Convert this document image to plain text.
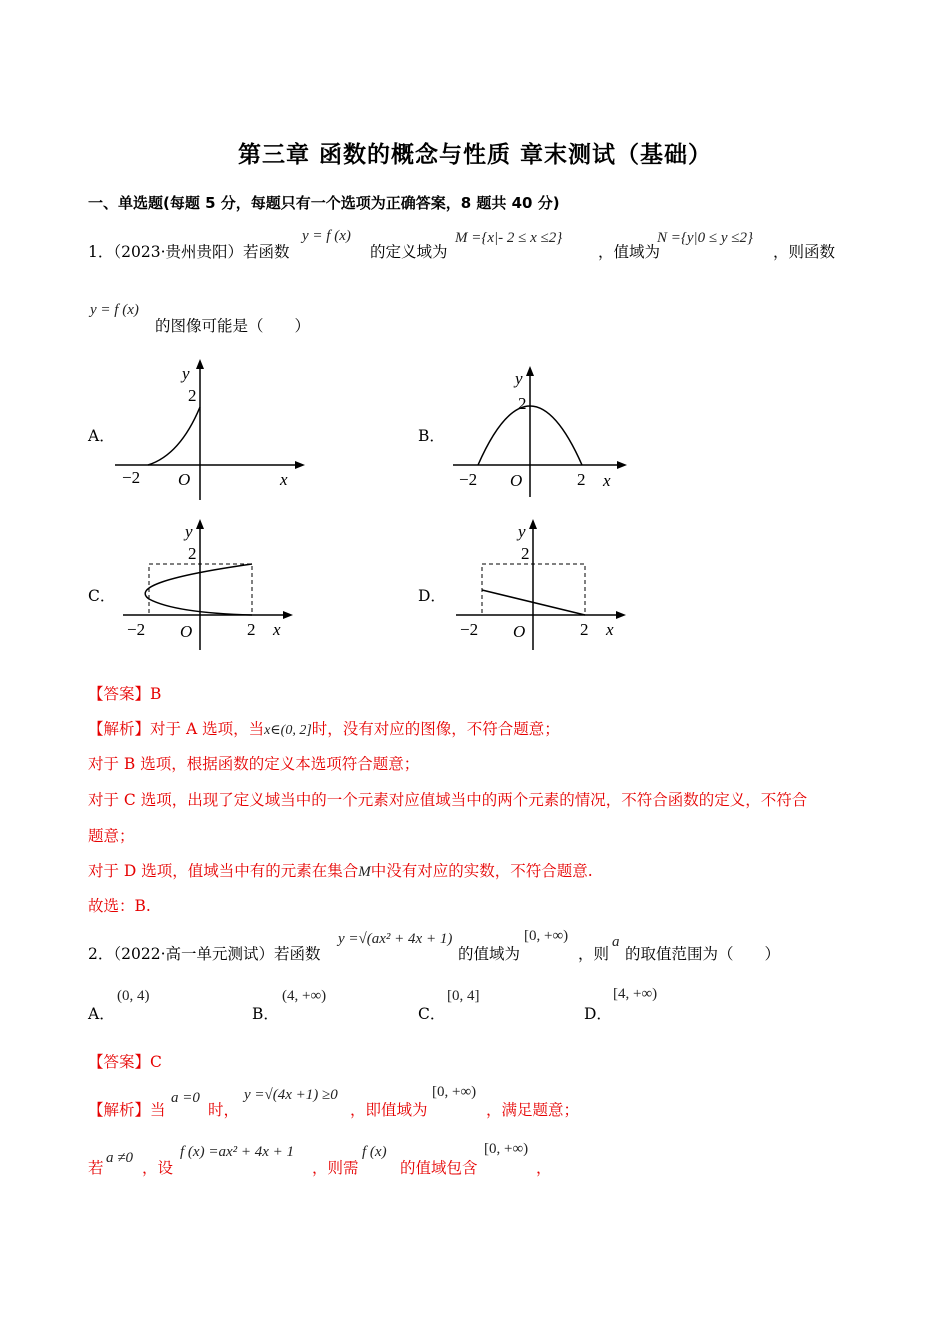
第三章 函数的概念与性质 章末测试（基础）
一、单选题(每题 5 分，每题只有一个选项为正确答案，8 题共 40 分)
1．（2023·贵州贵阳）若函数
y = f (x)
的定义域为
M ={x|- 2 ≤ x ≤2}
，值域为
N ={y|0 ≤ y ≤2}
，则函数
y = f (x)
的图像可能是（　　）
A．	B．
C．	D．
y
2
−2 O	x
y
2
−2 O	2 x
y
2
−2 O	2 x
y
2
−2 O	2 x
【答案】B
【解析】对于 A 选项，当x∈(0, 2]时，没有对应的图像，不符合题意；
对于 B 选项，根据函数的定义本选项符合题意；
对于 C 选项，出现了定义域当中的一个元素对应值域当中的两个元素的情况，不符合函数的定义，不符合
题意；
对于 D 选项，值域当中有的元素在集合M中没有对应的实数，不符合题意.
故选：B.
2．（2022·高一单元测试）若函数
y =√(ax² + 4x + 1)
的值域为
[0, +∞)
，则
a
的取值范围为（　　）
A．
(0, 4)
B．
(4, +∞)
C．
[0, 4]
D．
[4, +∞)
【答案】C
【解析】当
a =0
时，
y =√(4x +1) ≥0
，即值域为
[0, +∞)
，满足题意；
若
a ≠0
，设
f (x) =ax² + 4x + 1
，则需
f (x)
的值域包含
[0, +∞)
，
